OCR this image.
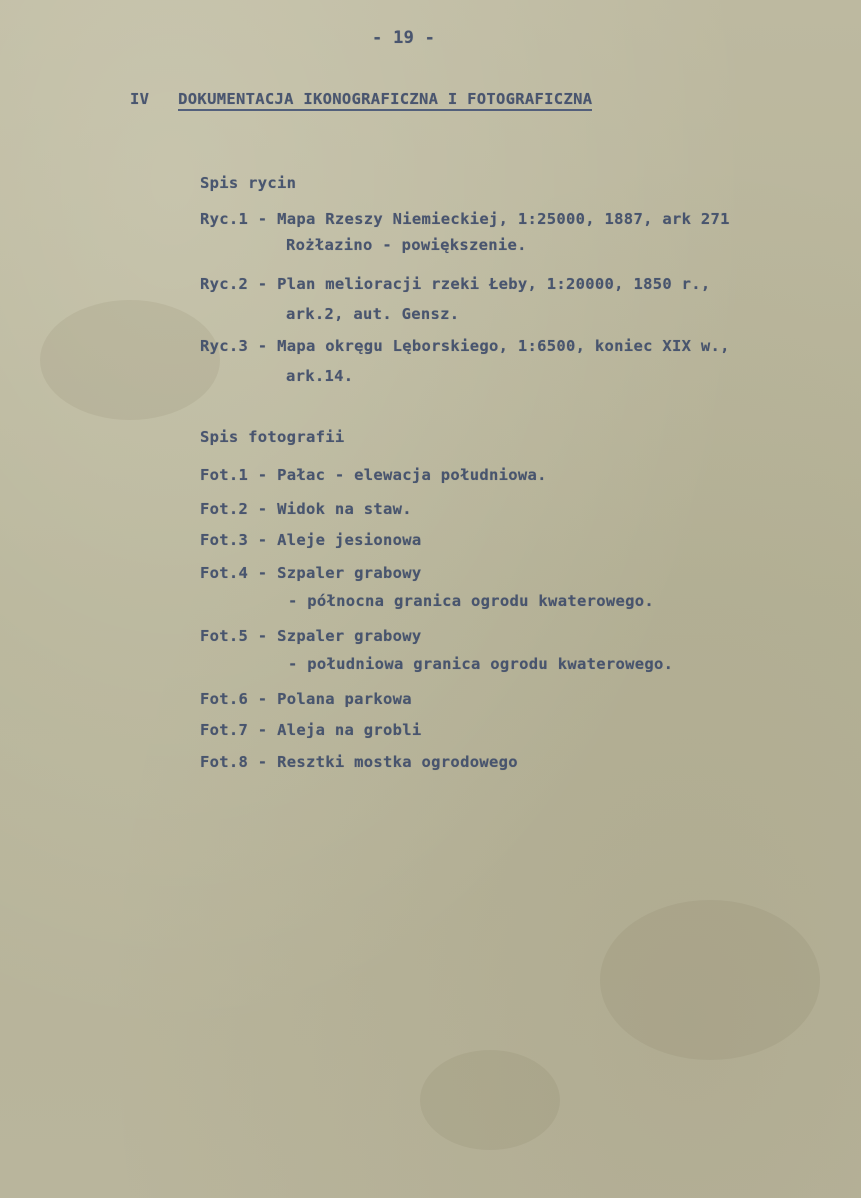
- 19 -
IV DOKUMENTACJA IKONOGRAFICZNA I FOTOGRAFICZNA
Spis rycin
Ryc.1 - Mapa Rzeszy Niemieckiej, 1:25000, 1887, ark 271
Rożłazino - powiększenie.
Ryc.2 - Plan melioracji rzeki Łeby, 1:20000, 1850 r.,
ark.2, aut. Gensz.
Ryc.3 - Mapa okręgu Lęborskiego, 1:6500, koniec XIX w.,
ark.14.
Spis fotografii
Fot.1 - Pałac - elewacja południowa.
Fot.2 - Widok na staw.
Fot.3 - Aleje jesionowa
Fot.4 - Szpaler grabowy
- północna granica ogrodu kwaterowego.
Fot.5 - Szpaler grabowy
- południowa granica ogrodu kwaterowego.
Fot.6 - Polana parkowa
Fot.7 - Aleja na grobli
Fot.8 - Resztki mostka ogrodowego
